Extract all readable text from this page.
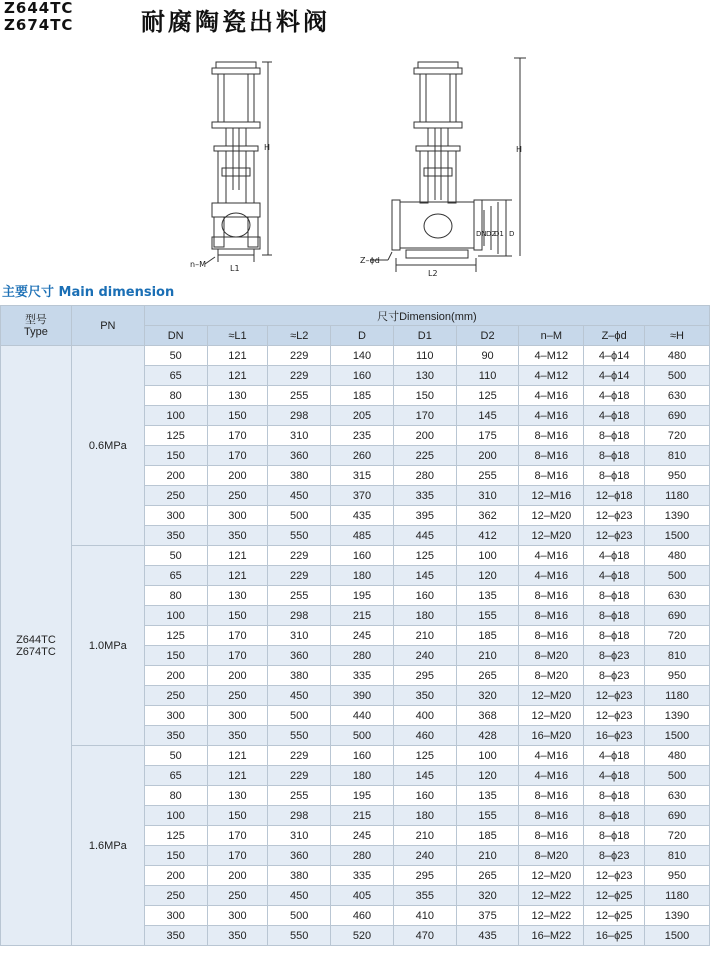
Z644TC
Z674TC	耐腐陶瓷出料阀
H
n–M	L1
H
DN D2
D1 D
Z–ϕd
L2
主要尺寸 Main dimension
型号
Type	PN	尺寸Dimension(mm)								
		DN	≈L1	≈L2	D	D1	D2	n–M	Z–ϕd	≈H
Z644TC
Z674TC	0.6MPa	50	121	229	140	110	90	4–M12	4–ϕ14	480
		65	121	229	160	130	110	4–M12	4–ϕ14	500
		80	130	255	185	150	125	4–M16	4–ϕ18	630
		100	150	298	205	170	145	4–M16	4–ϕ18	690
		125	170	310	235	200	175	8–M16	8–ϕ18	720
		150	170	360	260	225	200	8–M16	8–ϕ18	810
		200	200	380	315	280	255	8–M16	8–ϕ18	950
		250	250	450	370	335	310	12–M16	12–ϕ18	1180
		300	300	500	435	395	362	12–M20	12–ϕ23	1390
		350	350	550	485	445	412	12–M20	12–ϕ23	1500
	1.0MPa	50	121	229	160	125	100	4–M16	4–ϕ18	480
		65	121	229	180	145	120	4–M16	4–ϕ18	500
		80	130	255	195	160	135	8–M16	8–ϕ18	630
		100	150	298	215	180	155	8–M16	8–ϕ18	690
		125	170	310	245	210	185	8–M16	8–ϕ18	720
		150	170	360	280	240	210	8–M20	8–ϕ23	810
		200	200	380	335	295	265	8–M20	8–ϕ23	950
		250	250	450	390	350	320	12–M20	12–ϕ23	1180
		300	300	500	440	400	368	12–M20	12–ϕ23	1390
		350	350	550	500	460	428	16–M20	16–ϕ23	1500
	1.6MPa	50	121	229	160	125	100	4–M16	4–ϕ18	480
		65	121	229	180	145	120	4–M16	4–ϕ18	500
		80	130	255	195	160	135	8–M16	8–ϕ18	630
		100	150	298	215	180	155	8–M16	8–ϕ18	690
		125	170	310	245	210	185	8–M16	8–ϕ18	720
		150	170	360	280	240	210	8–M20	8–ϕ23	810
		200	200	380	335	295	265	12–M20	12–ϕ23	950
		250	250	450	405	355	320	12–M22	12–ϕ25	1180
		300	300	500	460	410	375	12–M22	12–ϕ25	1390
		350	350	550	520	470	435	16–M22	16–ϕ25	1500
